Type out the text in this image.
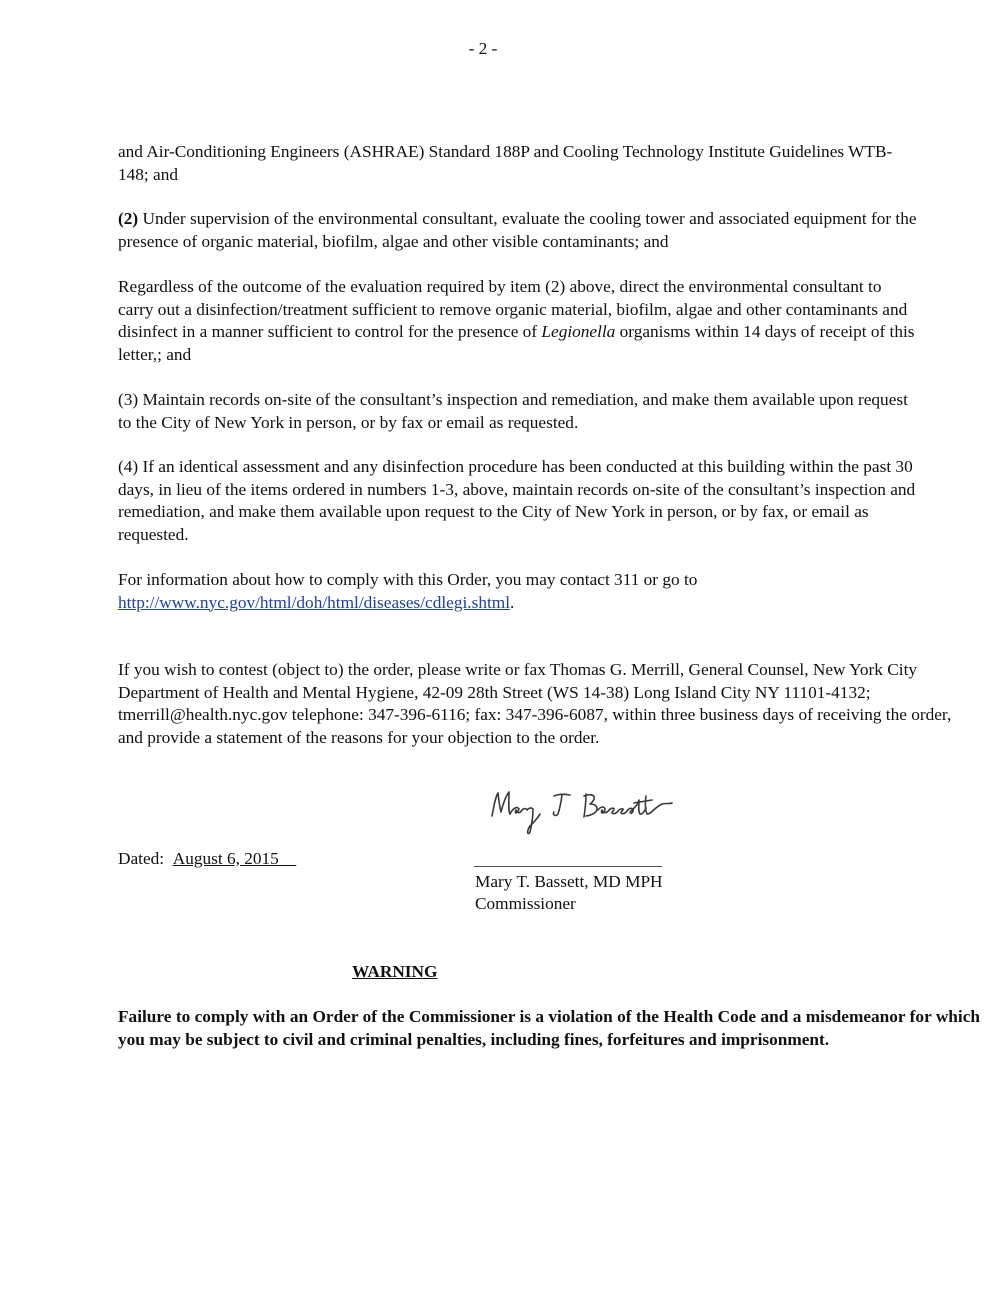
- 2 -

and Air-Conditioning Engineers (ASHRAE) Standard 188P and Cooling Technology Institute Guidelines WTB-148; and

(2) Under supervision of the environmental consultant, evaluate the cooling tower and associated equipment for the presence of organic material, biofilm, algae and other visible contaminants; and

Regardless of the outcome of the evaluation required by item (2) above, direct the environmental consultant to carry out a disinfection/treatment sufficient to remove organic material, biofilm, algae and other contaminants and disinfect in a manner sufficient to control for the presence of Legionella organisms within 14 days of receipt of this letter,; and

(3) Maintain records on-site of the consultant’s inspection and remediation, and make them available upon request to the City of New York in person, or by fax or email as requested.

(4) If an identical assessment and any disinfection procedure has been conducted at this building within the past 30 days, in lieu of the items ordered in numbers 1-3, above, maintain records on-site of the consultant’s inspection and remediation, and make them available upon request to the City of New York in person, or by fax, or email as requested.

For information about how to comply with this Order, you may contact 311 or go to http://www.nyc.gov/html/doh/html/diseases/cdlegi.shtml.

If you wish to contest (object to) the order, please write or fax Thomas G. Merrill, General Counsel, New York City Department of Health and Mental Hygiene, 42-09 28th Street (WS 14-38) Long Island City NY 11101-4132; tmerrill@health.nyc.gov telephone: 347-396-6116; fax: 347-396-6087, within three business days of receiving the order, and provide a statement of the reasons for your objection to the order.

Dated: August 6, 2015__
Mary T. Bassett, MD MPH
Commissioner
WARNING

Failure to comply with an Order of the Commissioner is a violation of the Health Code and a misdemeanor for which you may be subject to civil and criminal penalties, including fines, forfeitures and imprisonment.
